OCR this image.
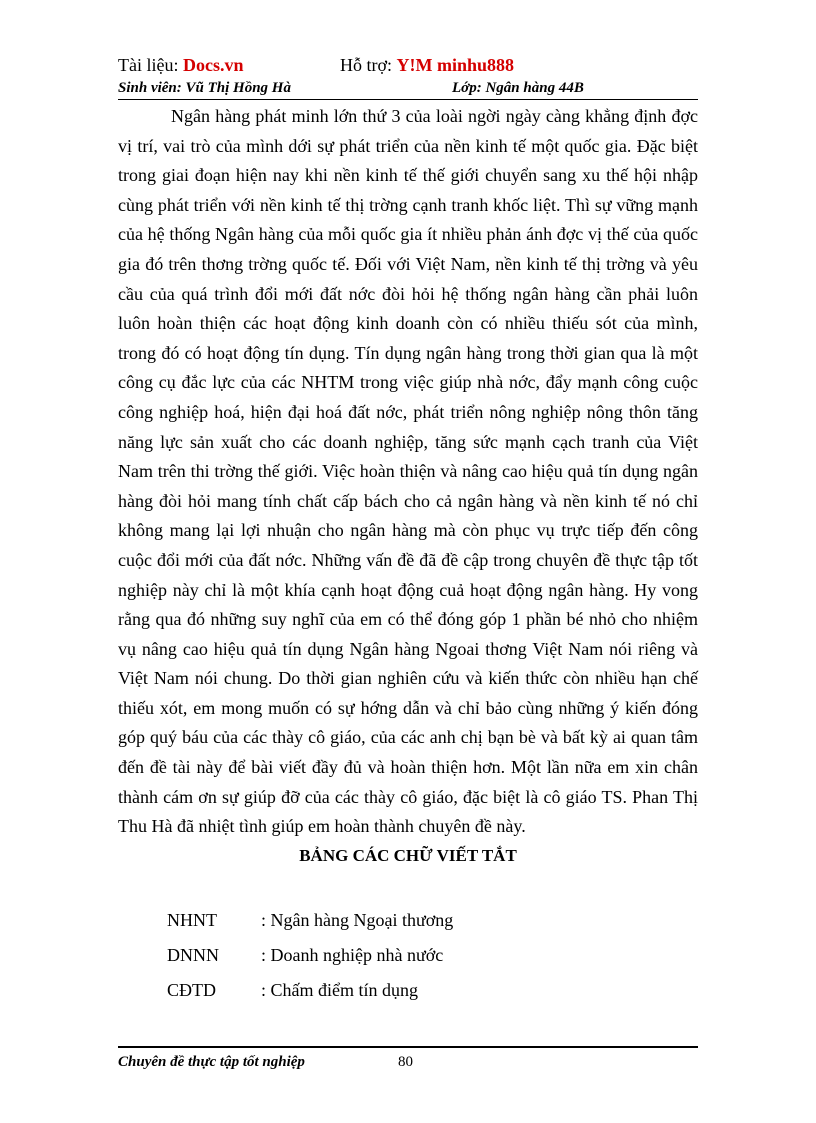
Tài liệu: Docs.vn	Hỗ trợ: Y!M minhu888
Sinh viên: Vũ Thị Hồng Hà	Lớp: Ngân hàng 44B

Ngân hàng phát minh lớn thứ 3 của loài ngời ngày càng khẳng định đợc vị trí, vai trò của mình dới sự phát triển của nền kinh tế một quốc gia. Đặc biệt trong giai đoạn hiện nay khi nền kinh tế thế giới chuyển sang xu thế hội nhập cùng phát triển với nền kinh tế thị trờng cạnh tranh khốc liệt. Thì sự vững mạnh của hệ thống Ngân hàng của mỗi quốc gia ít nhiều phản ánh đợc vị thế của quốc gia đó trên thơng trờng quốc tế. Đối với Việt Nam, nền kinh tế thị trờng và yêu cầu của quá trình đổi mới đất nớc đòi hỏi hệ thống ngân hàng cần phải luôn luôn hoàn thiện các hoạt động kinh doanh còn có nhiều thiếu sót của mình, trong đó có hoạt động tín dụng. Tín dụng ngân hàng trong thời gian qua là một công cụ đắc lực của các NHTM trong việc giúp nhà nớc, đẩy mạnh công cuộc công nghiệp hoá, hiện đại hoá đất nớc, phát triển nông nghiệp nông thôn tăng năng lực sản xuất cho các doanh nghiệp, tăng sức mạnh cạch tranh của Việt Nam trên thi trờng thế giới. Việc hoàn thiện và nâng cao hiệu quả tín dụng ngân hàng đòi hỏi mang tính chất cấp bách cho cả ngân hàng và nền kinh tế nó chỉ không mang lại lợi nhuận cho ngân hàng mà còn phục vụ trực tiếp đến công cuộc đổi mới của đất nớc. Những vấn đề đã đề cập trong chuyên đề thực tập tốt nghiệp này chỉ là một khía cạnh hoạt động cuả hoạt động ngân hàng. Hy vong rằng qua đó những suy nghĩ của em có thể đóng góp 1 phần bé nhỏ cho nhiệm vụ nâng cao hiệu quả tín dụng Ngân hàng Ngoai thơng Việt Nam nói riêng và Việt Nam nói chung. Do thời gian nghiên cứu và kiến thức còn nhiều hạn chế thiếu xót, em mong muốn có sự hớng dẫn và chỉ bảo cùng những ý kiến đóng góp quý báu của các thày cô giáo, của các anh chị bạn bè và bất kỳ ai quan tâm đến đề tài này để bài viết đầy đủ và hoàn thiện hơn. Một lần nữa em xin chân thành cám ơn sự giúp đỡ của các thày cô giáo, đặc biệt là cô giáo TS. Phan Thị Thu Hà đã nhiệt tình giúp em hoàn thành chuyên đề này.

BẢNG CÁC CHỮ VIẾT TẮT
NHNT : Ngân hàng Ngoại thương
DNNN : Doanh nghiệp nhà nước
CĐTD	: Chấm điểm tín dụng
Chuyên đề thực tập tốt nghiệp	80
